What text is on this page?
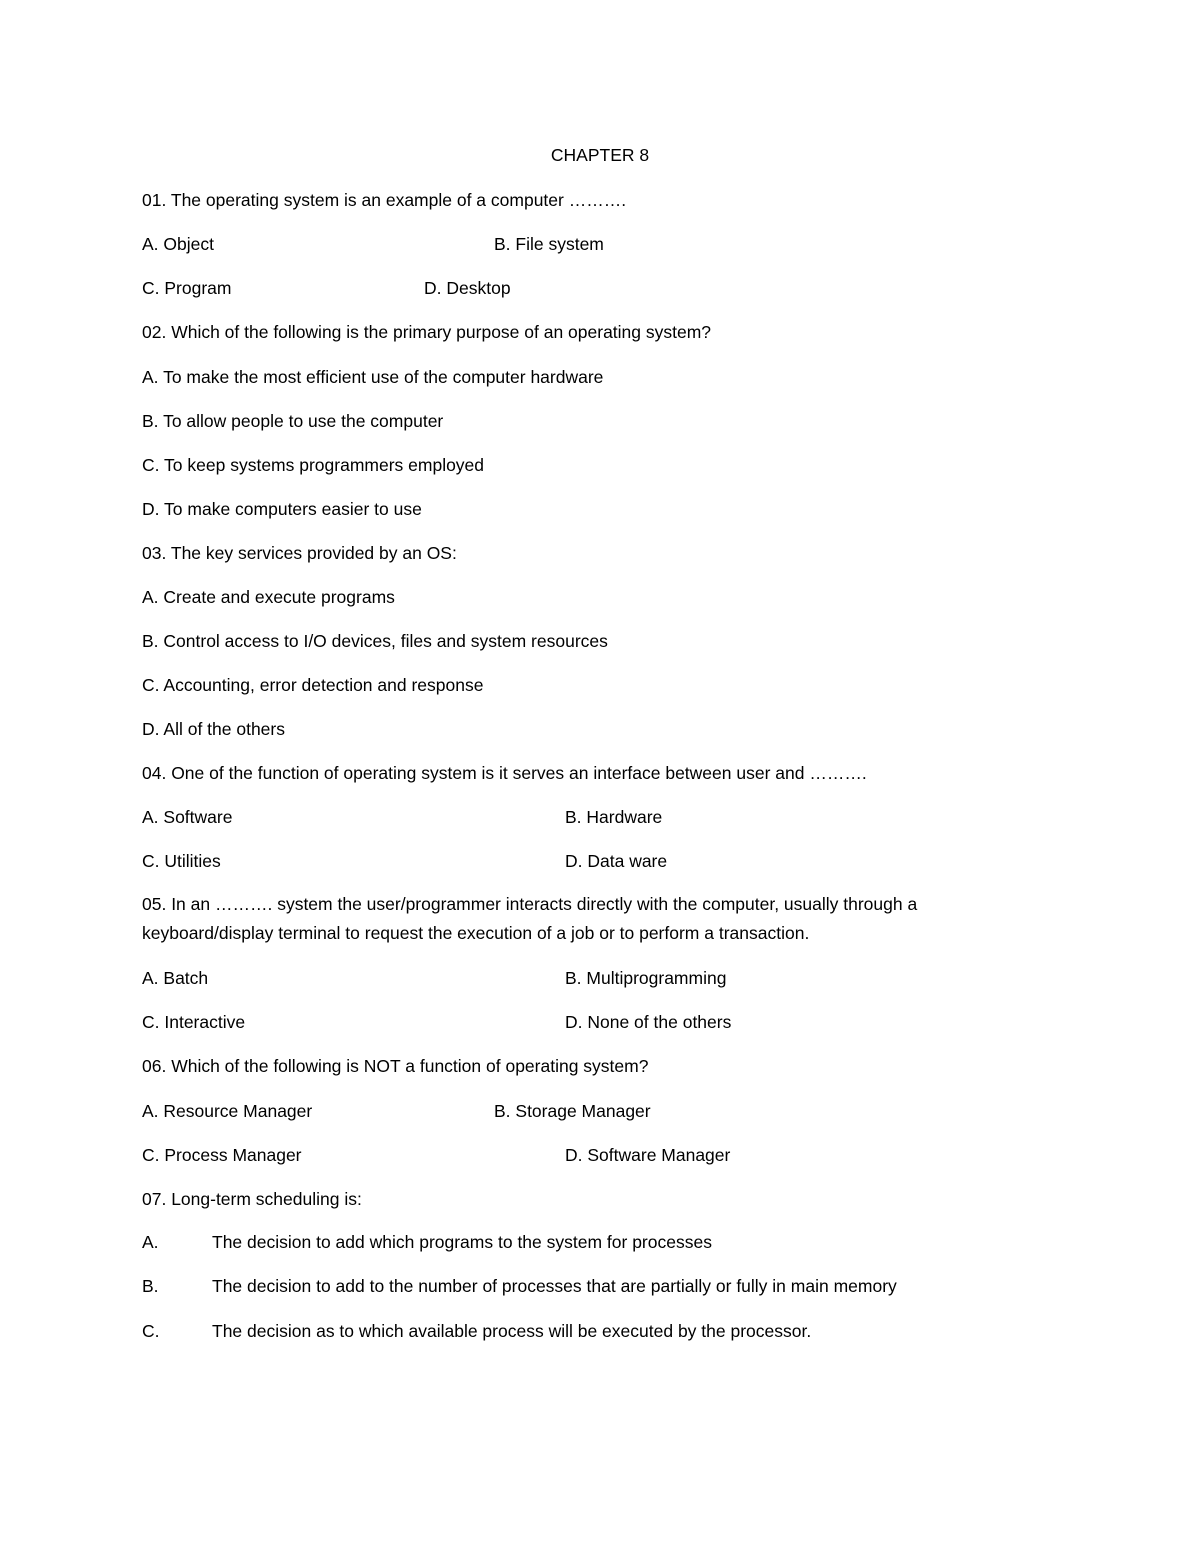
CHAPTER 8
01. The operating system is an example of a computer ……….
A. Object	B. File system
C. Program	D. Desktop
02. Which of the following is the primary purpose of an operating system?
A. To make the most efficient use of the computer hardware
B. To allow people to use the computer
C. To keep systems programmers employed
D. To make computers easier to use
03. The key services provided by an OS:
A. Create and execute programs
B. Control access to I/O devices, files and system resources
C. Accounting, error detection and response
D. All of the others
04. One of the function of operating system is it serves an interface between user and ……….
A. Software	B. Hardware
C. Utilities	D. Data ware
05. In an ………. system the user/programmer interacts directly with the computer, usually through a keyboard/display terminal to request the execution of a job or to perform a transaction.
A. Batch	B. Multiprogramming
C. Interactive	D. None of the others
06. Which of the following is NOT a function of operating system?
A. Resource Manager	B. Storage Manager
C. Process Manager	D. Software Manager
07. Long-term scheduling is:
A.	The decision to add which programs to the system for processes
B.	The decision to add to the number of processes that are partially or fully in main memory
C.	The decision as to which available process will be executed by the processor.
